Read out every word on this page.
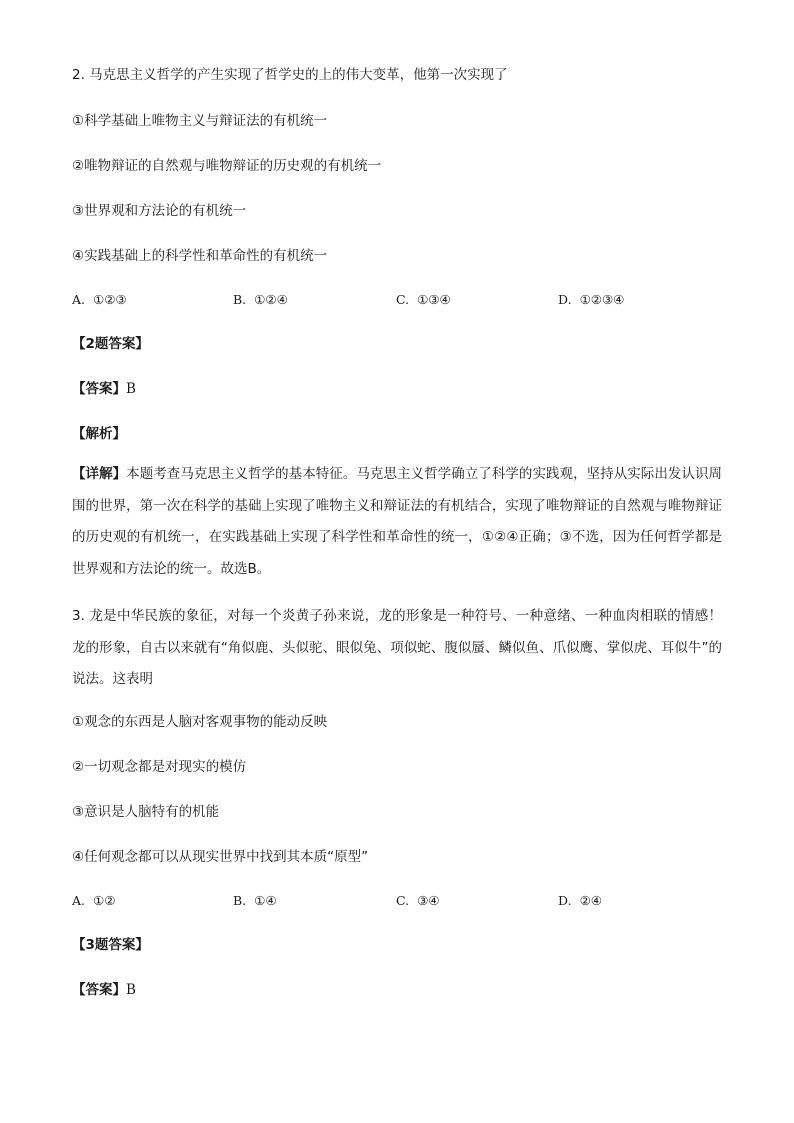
2. 马克思主义哲学的产生实现了哲学史的上的伟大变革，他第一次实现了
①科学基础上唯物主义与辩证法的有机统一
②唯物辩证的自然观与唯物辩证的历史观的有机统一
③世界观和方法论的有机统一
④实践基础上的科学性和革命性的有机统一
A. ①②③	B. ①②④	C. ①③④	D. ①②③④
【2题答案】
【答案】B
【解析】
【详解】本题考查马克思主义哲学的基本特征。马克思主义哲学确立了科学的实践观，坚持从实际出发认识周围的世界，第一次在科学的基础上实现了唯物主义和辩证法的有机结合，实现了唯物辩证的自然观与唯物辩证的历史观的有机统一，在实践基础上实现了科学性和革命性的统一，①②④正确；③不选，因为任何哲学都是世界观和方法论的统一。故选B。
3. 龙是中华民族的象征，对每一个炎黄子孙来说，龙的形象是一种符号、一种意绪、一种血肉相联的情感！龙的形象，自古以来就有“角似鹿、头似驼、眼似兔、项似蛇、腹似蜃、鳞似鱼、爪似鹰、掌似虎、耳似牛”的说法。这表明
①观念的东西是人脑对客观事物的能动反映
②一切观念都是对现实的模仿
③意识是人脑特有的机能
④任何观念都可以从现实世界中找到其本质“原型”
A. ①②	B. ①④	C. ③④	D. ②④
【3题答案】
【答案】B
